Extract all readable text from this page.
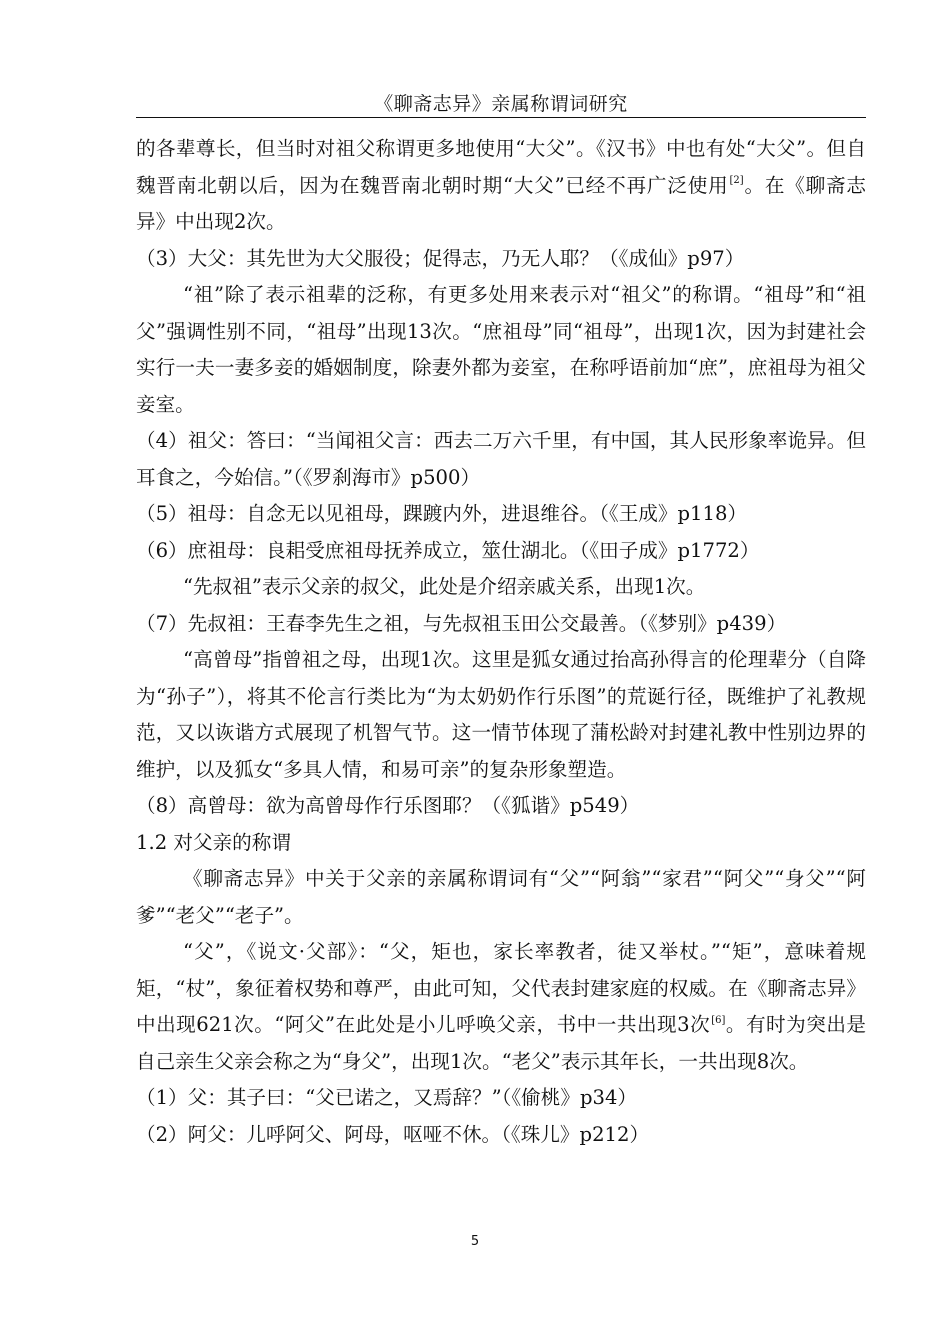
《聊斋志异》亲属称谓词研究

的各辈尊长，但当时对祖父称谓更多地使用“大父”。《汉书》中也有处“大父”。但自魏晋南北朝以后，因为在魏晋南北朝时期“大父”已经不再广泛使用[2]。在《聊斋志异》中出现2次。

（3）大父：其先世为大父服役；促得志，乃无人耶？（《成仙》p97）

“祖”除了表示祖辈的泛称，有更多处用来表示对“祖父”的称谓。“祖母”和“祖父”强调性别不同，“祖母”出现13次。“庶祖母”同“祖母”，出现1次，因为封建社会实行一夫一妻多妾的婚姻制度，除妻外都为妾室，在称呼语前加“庶”，庶祖母为祖父妾室。

（4）祖父：答曰：“当闻祖父言：西去二万六千里，有中国，其人民形象率诡异。但耳食之，今始信。”（《罗刹海市》p500）

（5）祖母：自念无以见祖母，踝踱内外，进退维谷。（《王成》p118）

（6）庶祖母：良耜受庶祖母抚养成立，筮仕湖北。（《田子成》p1772）

“先叔祖”表示父亲的叔父，此处是介绍亲戚关系，出现1次。

（7）先叔祖：王春李先生之祖，与先叔祖玉田公交最善。（《梦别》p439）

“高曾母”指曾祖之母，出现1次。这里是狐女通过抬高孙得言的伦理辈分（自降为“孙子”），将其不伦言行类比为“为太奶奶作行乐图”的荒诞行径，既维护了礼教规范，又以诙谐方式展现了机智气节。这一情节体现了蒲松龄对封建礼教中性别边界的维护，以及狐女“多具人情，和易可亲”的复杂形象塑造。

（8）高曾母：欲为高曾母作行乐图耶？（《狐谐》p549）

1.2 对父亲的称谓

《聊斋志异》中关于父亲的亲属称谓词有“父”“阿翁”“家君”“阿父”“身父”“阿爹”“老父”“老子”。

“父”，《说文·父部》：“父，矩也，家长率教者，徒又举杖。”“矩”，意味着规矩，“杖”，象征着权势和尊严，由此可知，父代表封建家庭的权威。在《聊斋志异》中出现621次。“阿父”在此处是小儿呼唤父亲，书中一共出现3次[6]。有时为突出是自己亲生父亲会称之为“身父”，出现1次。“老父”表示其年长，一共出现8次。

（1）父：其子曰：“父已诺之，又焉辞？”（《偷桃》p34）

（2）阿父：儿呼阿父、阿母，呕哑不休。（《珠儿》p212）

5
